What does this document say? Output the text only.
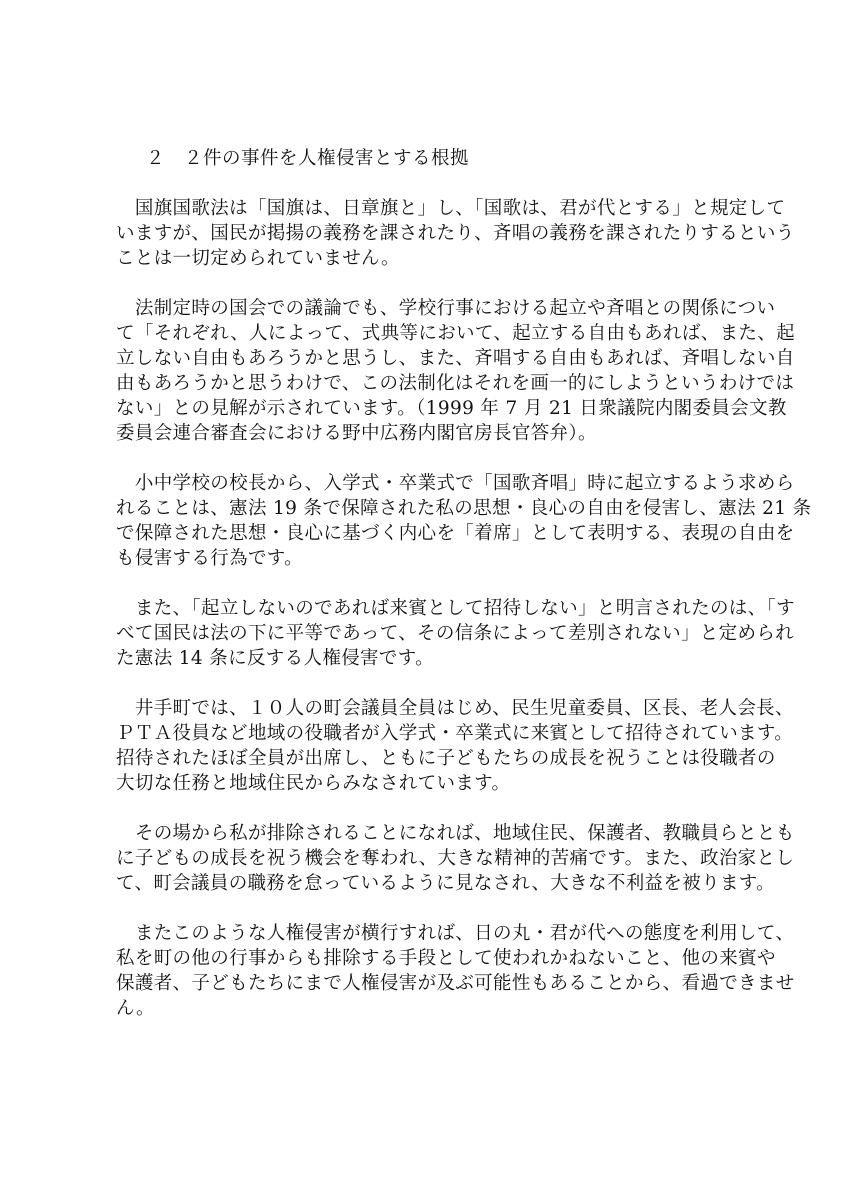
２　２件の事件を人権侵害とする根拠
　国旗国歌法は「国旗は、日章旗と」し、「国歌は、君が代とする」と規定して
いますが、国民が掲揚の義務を課されたり、斉唱の義務を課されたりするという
ことは一切定められていません。
　法制定時の国会での議論でも、学校行事における起立や斉唱との関係につい
て「それぞれ、人によって、式典等において、起立する自由もあれば、また、起
立しない自由もあろうかと思うし、また、斉唱する自由もあれば、斉唱しない自
由もあろうかと思うわけで、この法制化はそれを画一的にしようというわけでは
ない」との見解が示されています。（1999 年 7 月 21 日衆議院内閣委員会文教
委員会連合審査会における野中広務内閣官房長官答弁）。
　小中学校の校長から、入学式・卒業式で「国歌斉唱」時に起立するよう求めら
れることは、憲法 19 条で保障された私の思想・良心の自由を侵害し、憲法 21 条
で保障された思想・良心に基づく内心を「着席」として表明する、表現の自由を
も侵害する行為です。
　また、「起立しないのであれば来賓として招待しない」と明言されたのは、「す
べて国民は法の下に平等であって、その信条によって差別されない」と定められ
た憲法 14 条に反する人権侵害です。
　井手町では、１０人の町会議員全員はじめ、民生児童委員、区長、老人会長、
ＰＴＡ役員など地域の役職者が入学式・卒業式に来賓として招待されています。
招待されたほぼ全員が出席し、ともに子どもたちの成長を祝うことは役職者の
大切な任務と地域住民からみなされています。
　その場から私が排除されることになれば、地域住民、保護者、教職員らととも
に子どもの成長を祝う機会を奪われ、大きな精神的苦痛です。また、政治家とし
て、町会議員の職務を怠っているように見なされ、大きな不利益を被ります。
　またこのような人権侵害が横行すれば、日の丸・君が代への態度を利用して、
私を町の他の行事からも排除する手段として使われかねないこと、他の来賓や
保護者、子どもたちにまで人権侵害が及ぶ可能性もあることから、看過できませ
ん。
